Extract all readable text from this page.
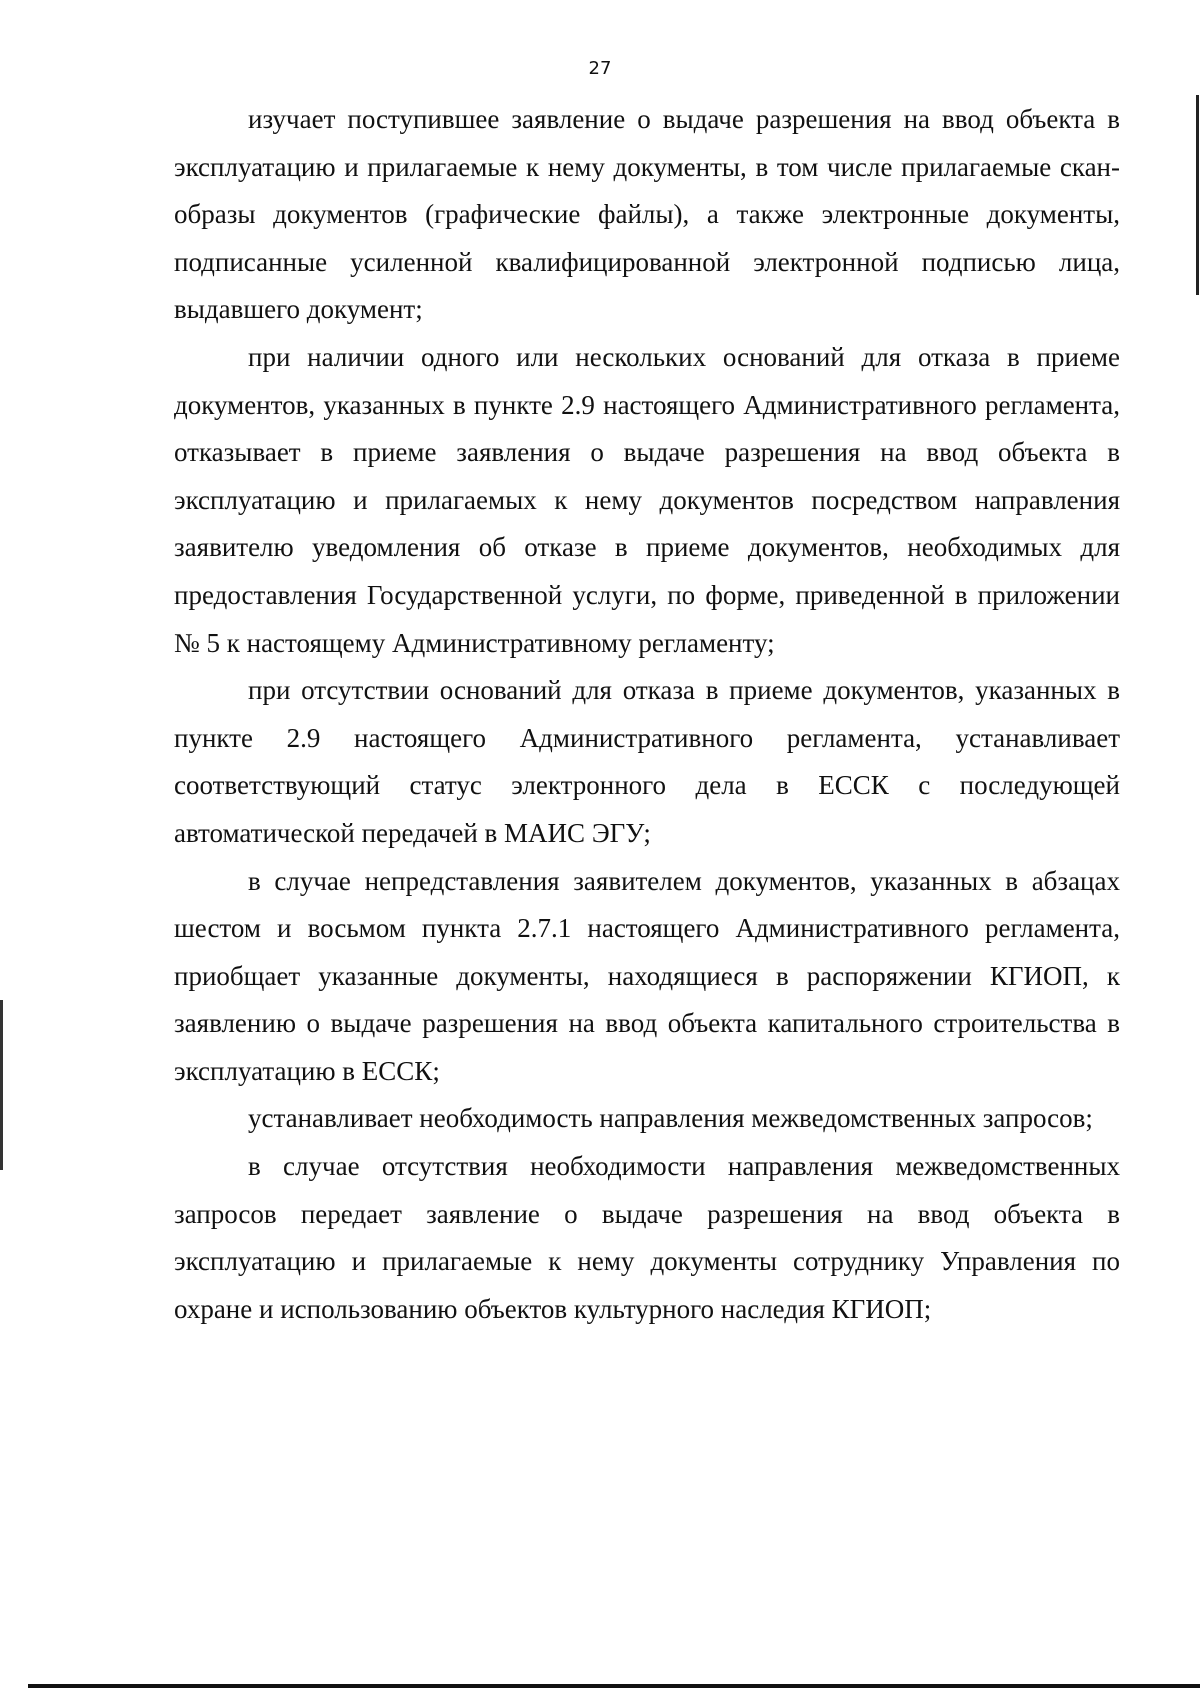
27

изучает поступившее заявление о выдаче разрешения на ввод объекта в эксплуатацию и прилагаемые к нему документы, в том числе прилагаемые скан-образы документов (графические файлы), а также электронные документы, подписанные усиленной квалифицированной электронной подписью лица, выдавшего документ;

при наличии одного или нескольких оснований для отказа в приеме документов, указанных в пункте 2.9 настоящего Административного регламента, отказывает в приеме заявления о выдаче разрешения на ввод объекта в эксплуатацию и прилагаемых к нему документов посредством направления заявителю уведомления об отказе в приеме документов, необходимых для предоставления Государственной услуги, по форме, приведенной в приложении № 5 к настоящему Административному регламенту;

при отсутствии оснований для отказа в приеме документов, указанных в пункте 2.9 настоящего Административного регламента, устанавливает соответствующий статус электронного дела в ЕССК с последующей автоматической передачей в МАИС ЭГУ;

в случае непредставления заявителем документов, указанных в абзацах шестом и восьмом пункта 2.7.1 настоящего Административного регламента, приобщает указанные документы, находящиеся в распоряжении КГИОП, к заявлению о выдаче разрешения на ввод объекта капитального строительства в эксплуатацию в ЕССК;

устанавливает необходимость направления межведомственных запросов;

в случае отсутствия необходимости направления межведомственных запросов передает заявление о выдаче разрешения на ввод объекта в эксплуатацию и прилагаемые к нему документы сотруднику Управления по охране и использованию объектов культурного наследия КГИОП;
